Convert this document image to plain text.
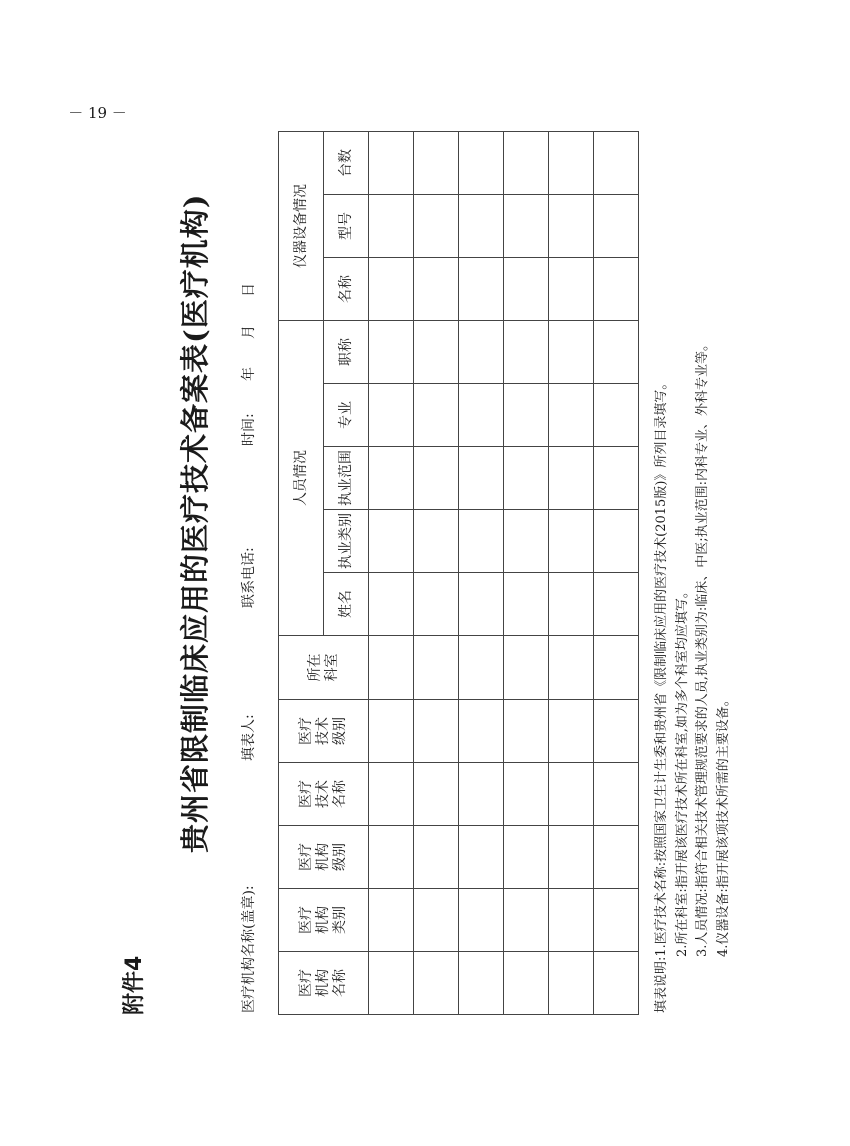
附件4
贵州省限制临床应用的医疗技术备案表(医疗机构)
医疗机构名称(盖章):
填表人:
联系电话:
时间:
年　　月　　日
医疗
机构
名称	医疗
机构
类别	医疗
机构
级别	医疗
技术
名称	医疗
技术
级别	所在
科室	人员情况					仪器设备情况		
						姓名	执业类别	执业范围	专业	职称	名称	型号	台数

填表说明:1.医疗技术名称:按照国家卫生计生委和贵州省《限制临床应用的医疗技术(2015版)》所列目录填写。 2.所在科室:指开展该医疗技术所在科室,如为多个科室均应填写。 3.人员情况:指符合相关技术管理规范要求的人员,执业类别为:临床、中医;执业范围:内科专业、外科专业等。 4.仪器设备:指开展该项技术所需的主要设备。
－ 19 －
